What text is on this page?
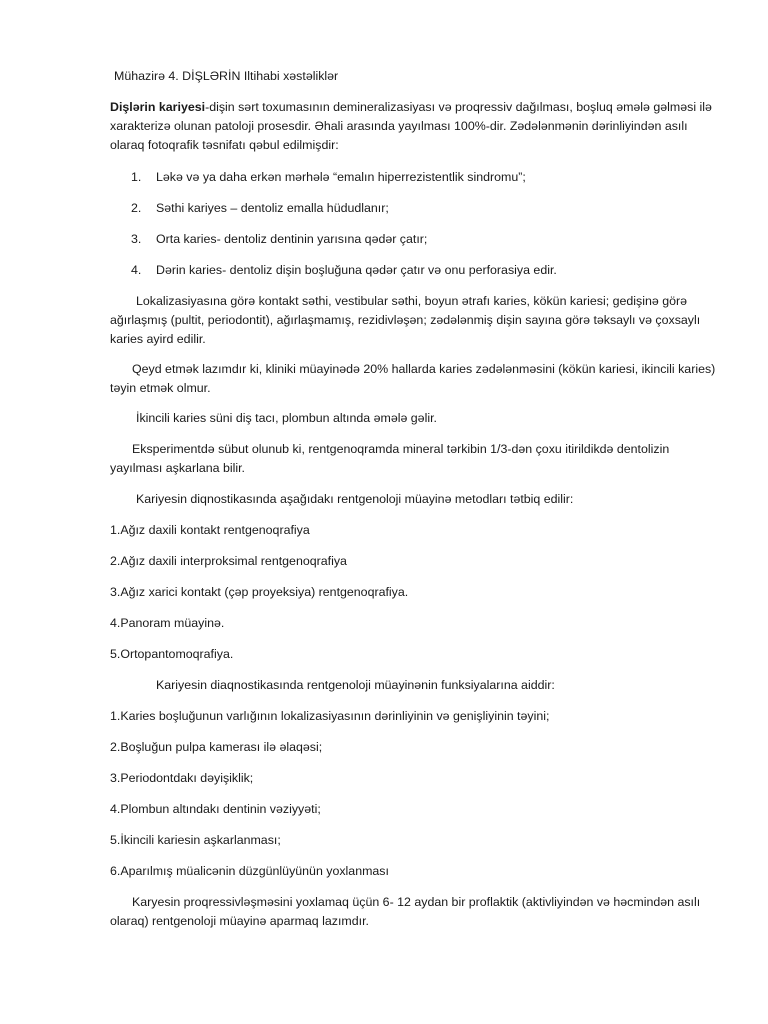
Mühazirə 4. DİŞLƏRİN Iltihabi xəstəliklər

Dişlərin kariyesi-dişin sərt toxumasının demineralizasiyası və proqressiv dağılması, boşluq əmələ gəlməsi ilə xarakterizə olunan patoloji prosesdir. Əhali arasında yayılması 100%-dir. Zədələnmənin dərinliyindən asılı olaraq fotoqrafik təsnifatı qəbul edilmişdir:

1. Ləkə və ya daha erkən mərhələ “emalın hiperrezistentlik sindromu”;
2. Səthi kariyes – dentoliz emalla hüdudlanır;
3. Orta karies- dentoliz dentinin yarısına qədər çatır;
4. Dərin karies- dentoliz dişin boşluğuna qədər çatır və onu perforasiya edir.

Lokalizasiyasına görə kontakt səthi, vestibular səthi, boyun ətrafı karies, kökün kariesi; gedişinə görə ağırlaşmış (pultit, periodontit), ağırlaşmamış, rezidivləşən; zədələnmiş dişin sayına görə təksaylı və çoxsaylı karies ayird edilir.

Qeyd etmək lazımdır ki, kliniki müayinədə 20% hallarda karies zədələnməsini (kökün kariesi, ikincili karies) təyin etmək olmur.

İkincili karies süni diş tacı, plombun altında əmələ gəlir.

Eksperimentdə sübut olunub ki, rentgenoqramda mineral tərkibin 1/3-dən çoxu itirildikdə dentolizin yayılması aşkarlana bilir.

Kariyesin diqnostikasında aşağıdakı rentgenoloji müayinə metodları tətbiq edilir:

1.Ağız daxili kontakt rentgenoqrafiya

2.Ağız daxili interproksimal rentgenoqrafiya

3.Ağız xarici kontakt (çəp proyeksiya) rentgenoqrafiya.

4.Panoram müayinə.

5.Ortopantomoqrafiya.

Kariyesin diaqnostikasında rentgenoloji müayinənin funksiyalarına aiddir:

1.Karies boşluğunun varlığının lokalizasiyasının dərinliyinin və genişliyinin təyini;

2.Boşluğun pulpa kamerası ilə əlaqəsi;

3.Periodontdakı dəyişiklik;

4.Plombun altındakı dentinin vəziyyəti;

5.İkincili kariesin aşkarlanması;

6.Aparılmış müalicənin düzgünlüyünün yoxlanması

Karyesin proqressivləşməsini yoxlamaq üçün 6- 12 aydan bir proflaktik (aktivliyindən və həcmindən asılı olaraq) rentgenoloji müayinə aparmaq lazımdır.
